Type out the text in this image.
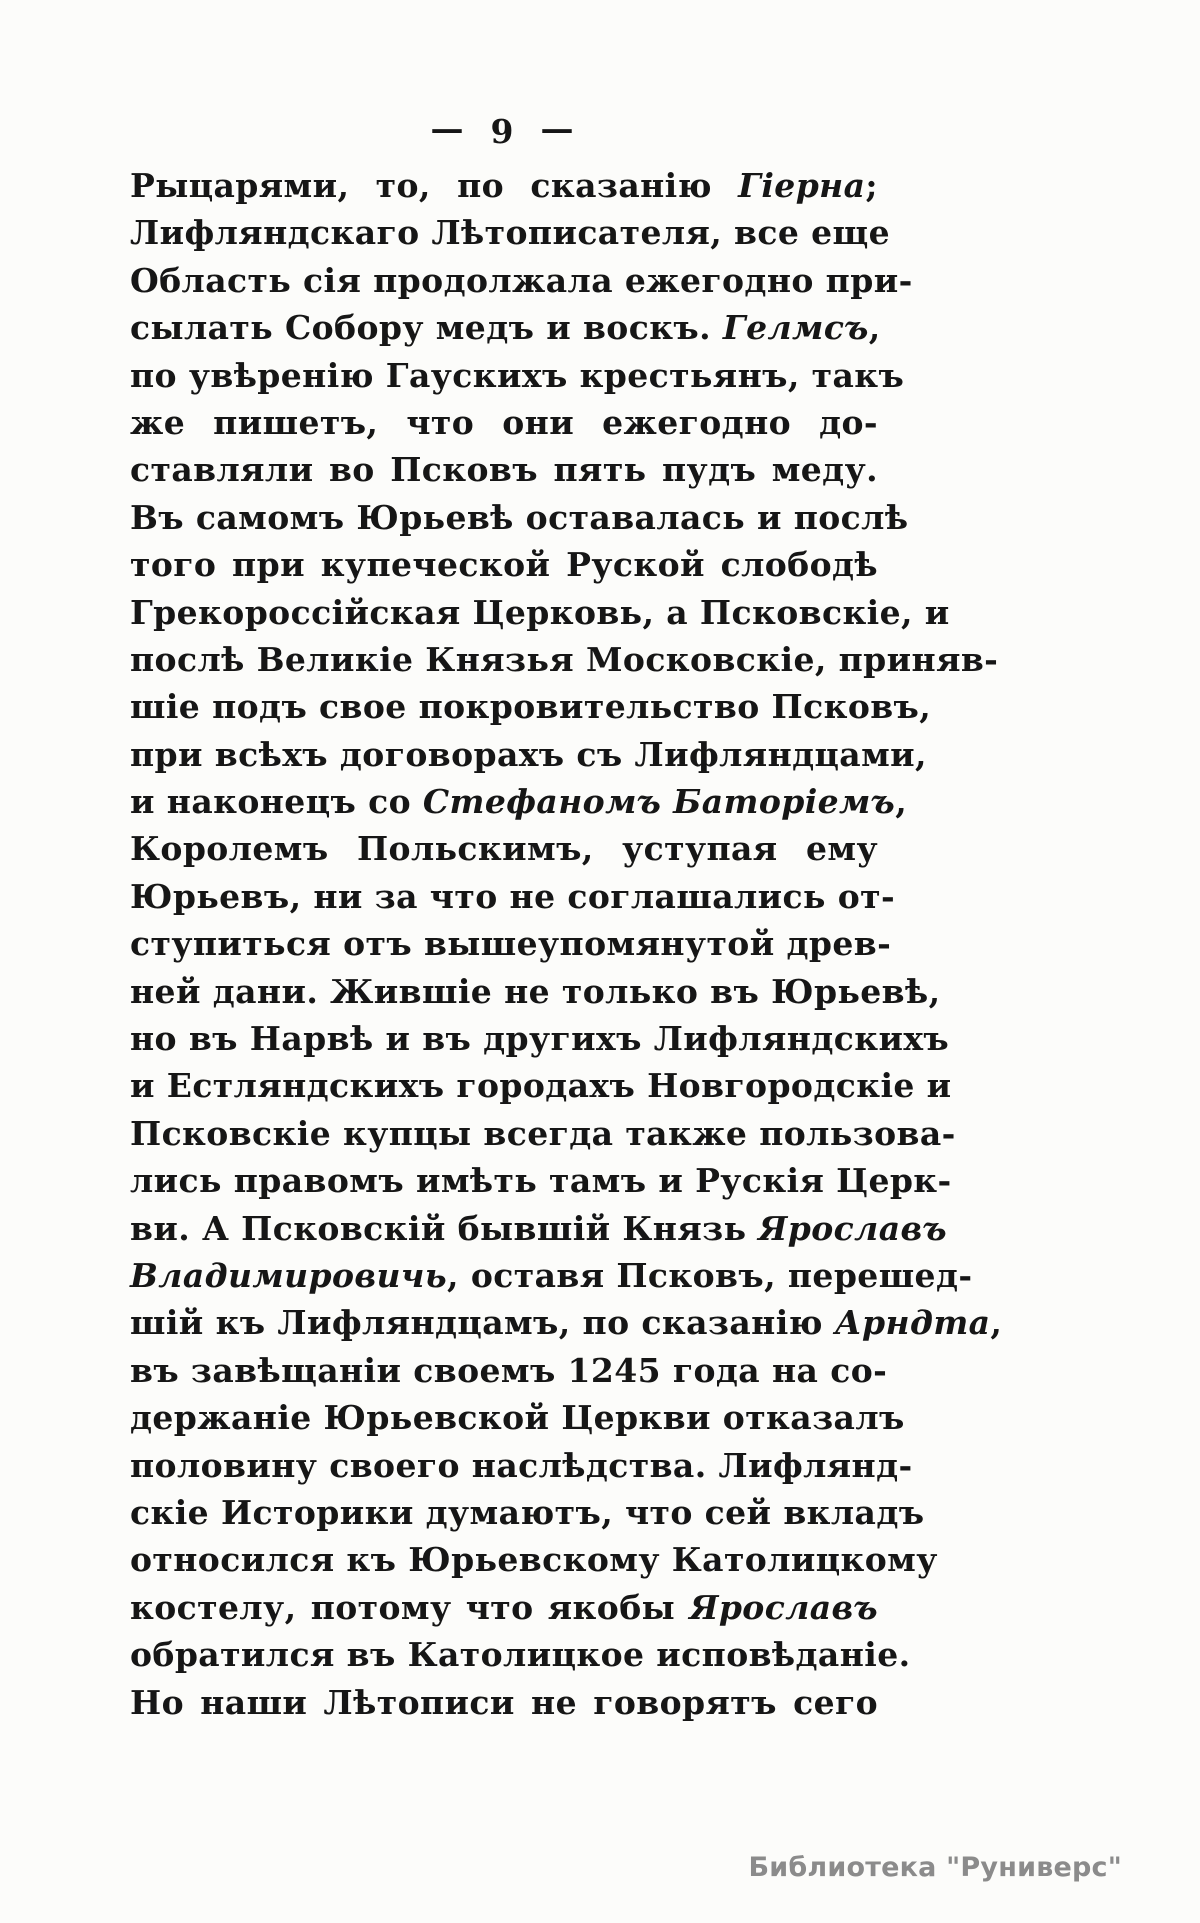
— 9 —
Рыцарями, то, по сказанію Гіерна;
Лифляндскаго Лѣтописателя, все еще
Область сія продолжала ежегодно при-
сылать Собору медъ и воскъ. Гелмсъ,
по увѣренію Гаускихъ крестьянъ, такъ
же пишетъ, что они ежегодно до-
ставляли во Псковъ пять пудъ меду.
Въ самомъ Юрьевѣ оставалась и послѣ
того при купеческой Руской слободѣ
Грекороссійская Церковь, а Псковскіе, и
послѣ Великіе Князья Московскіе, приняв-
шіе подъ свое покровительство Псковъ,
при всѣхъ договорахъ съ Лифляндцами,
и наконецъ со Стефаномъ Баторіемъ,
Королемъ Польскимъ, уступая ему
Юрьевъ, ни за что не соглашались от-
ступиться отъ вышеупомянутой древ-
ней дани. Жившіе не только въ Юрьевѣ,
но въ Нарвѣ и въ другихъ Лифляндскихъ
и Естляндскихъ городахъ Новгородскіе и
Псковскіе купцы всегда также пользова-
лись правомъ имѣть тамъ и Рускія Церк-
ви. А Псковскій бывшій Князь Ярославъ
Владимировичь, оставя Псковъ, перешед-
шій къ Лифляндцамъ, по сказанію Арндта,
въ завѣщаніи своемъ 1245 года на со-
держаніе Юрьевской Церкви отказалъ
половину своего наслѣдства. Лифлянд-
скіе Историки думаютъ, что сей вкладъ
относился къ Юрьевскому Католицкому
костелу, потому что якобы Ярославъ
обратился въ Католицкое исповѣданіе.
Но наши Лѣтописи не говорятъ сего
Библиотека "Руниверс"
